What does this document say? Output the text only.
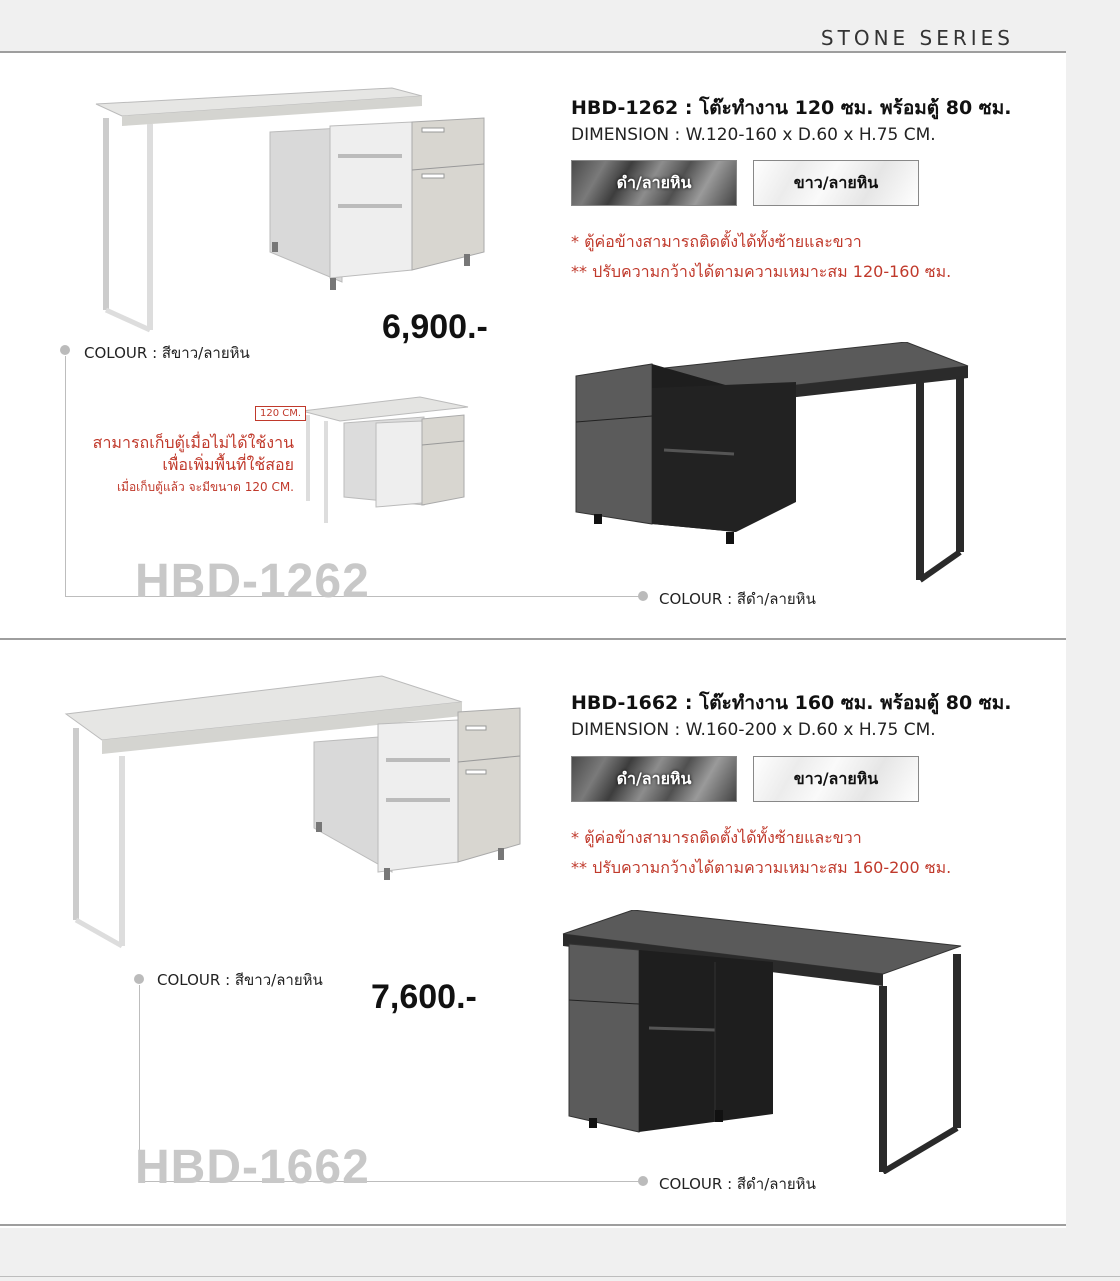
STONE SERIES
HBD-1262 : โต๊ะทำงาน 120 ซม. พร้อมตู้ 80 ซม.
DIMENSION : W.120-160 x D.60 x H.75 CM.
ดำ/ลายหิน	ขาว/ลายหิน
* ตู้ค่อข้างสามารถติดตั้งได้ทั้งซ้ายและขวา
** ปรับความกว้างได้ตามความเหมาะสม 120-160 ซม.
6,900.-
120 CM.
สามารถเก็บตู้เมื่อไม่ได้ใช้งาน
เพื่อเพิ่มพื้นที่ใช้สอย
เมื่อเก็บตู้แล้ว จะมีขนาด 120 CM.
COLOUR : สีขาว/ลายหิน
HBD-1262	COLOUR : สีดำ/ลายหิน
HBD-1662 : โต๊ะทำงาน 160 ซม. พร้อมตู้ 80 ซม.
DIMENSION : W.160-200 x D.60 x H.75 CM.
ดำ/ลายหิน	ขาว/ลายหิน
* ตู้ค่อข้างสามารถติดตั้งได้ทั้งซ้ายและขวา
** ปรับความกว้างได้ตามความเหมาะสม 160-200 ซม.
7,600.-
COLOUR : สีขาว/ลายหิน
HBD-1662	COLOUR : สีดำ/ลายหิน
